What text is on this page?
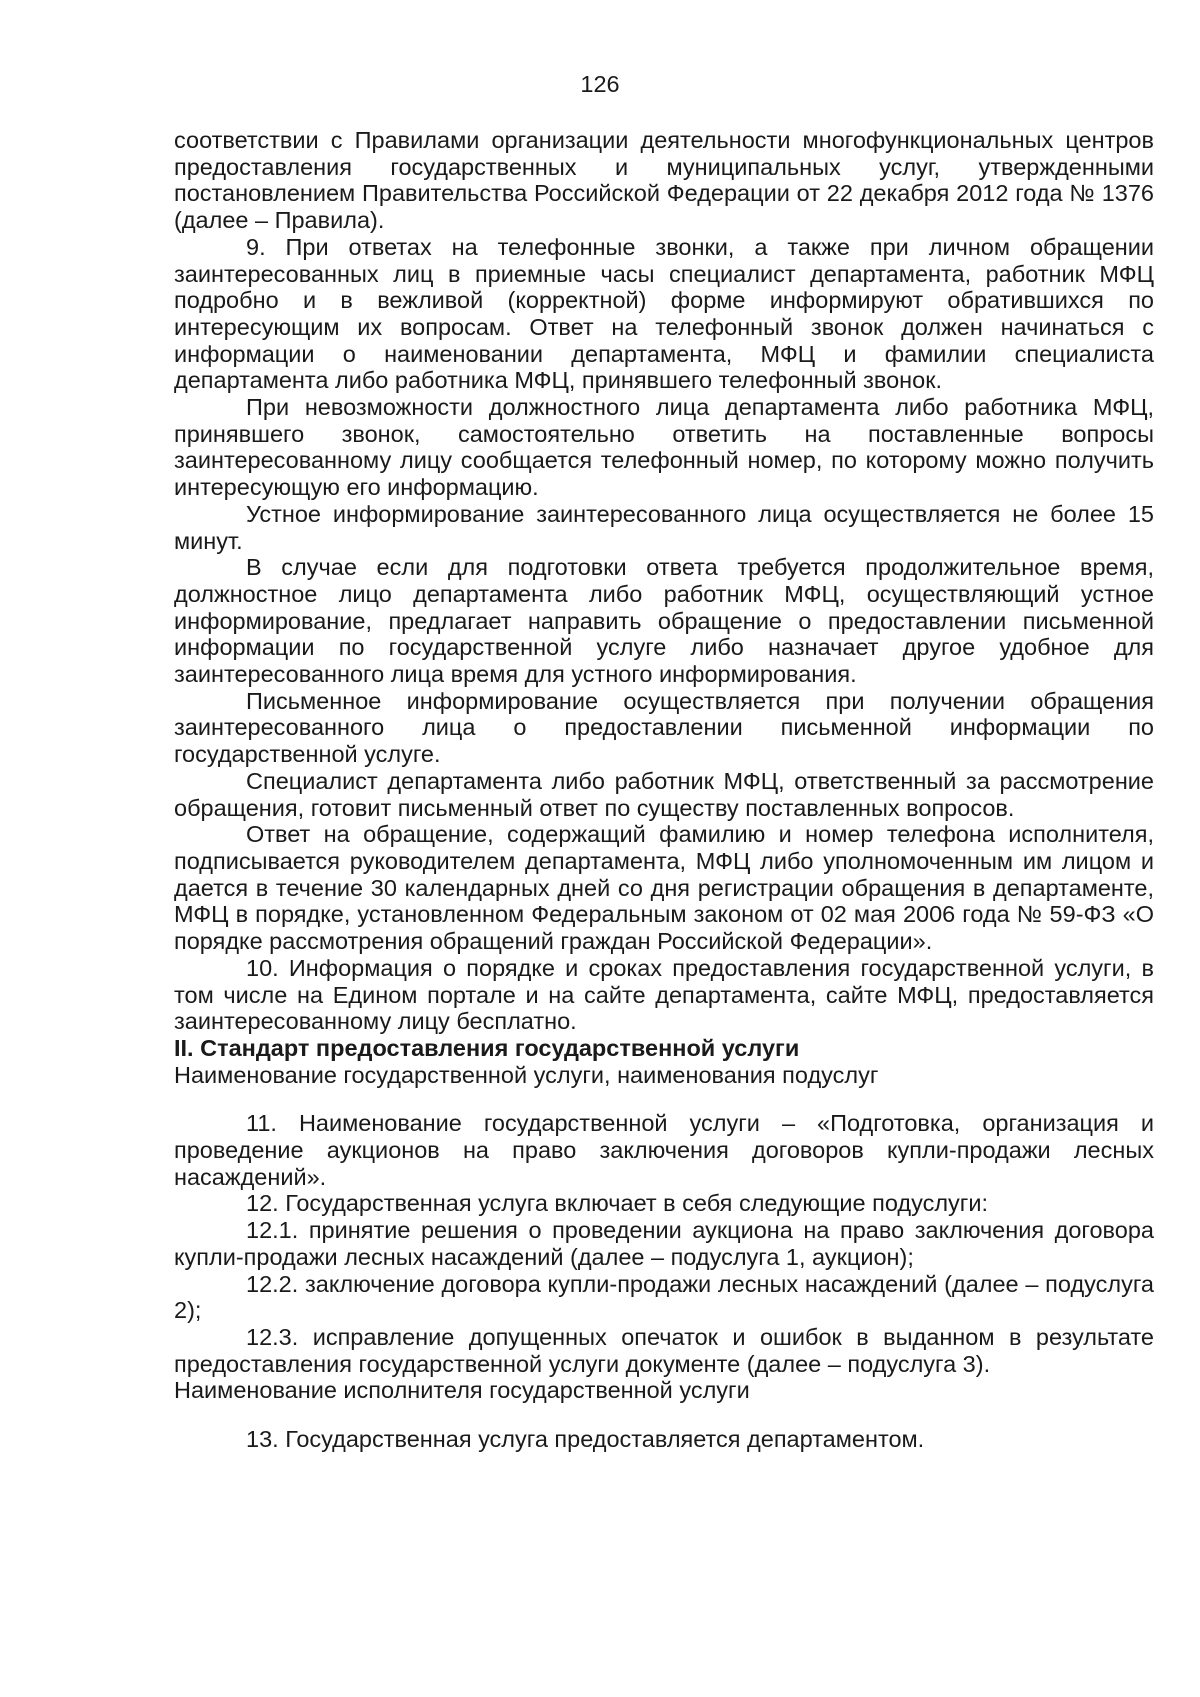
126

соответствии с Правилами организации деятельности многофункциональных центров предоставления государственных и муниципальных услуг, утвержденными постановлением Правительства Российской Федерации от 22 декабря 2012 года № 1376 (далее – Правила).

9. При ответах на телефонные звонки, а также при личном обращении заинтересованных лиц в приемные часы специалист департамента, работник МФЦ подробно и в вежливой (корректной) форме информируют обратившихся по интересующим их вопросам. Ответ на телефонный звонок должен начинаться с информации о наименовании департамента, МФЦ и фамилии специалиста департамента либо работника МФЦ, принявшего телефонный звонок.

При невозможности должностного лица департамента либо работника МФЦ, принявшего звонок, самостоятельно ответить на поставленные вопросы заинтересованному лицу сообщается телефонный номер, по которому можно получить интересующую его информацию.

Устное информирование заинтересованного лица осуществляется не более 15 минут.

В случае если для подготовки ответа требуется продолжительное время, должностное лицо департамента либо работник МФЦ, осуществляющий устное информирование, предлагает направить обращение о предоставлении письменной информации по государственной услуге либо назначает другое удобное для заинтересованного лица время для устного информирования.

Письменное информирование осуществляется при получении обращения заинтересованного лица о предоставлении письменной информации по государственной услуге.

Специалист департамента либо работник МФЦ, ответственный за рассмотрение обращения, готовит письменный ответ по существу поставленных вопросов.

Ответ на обращение, содержащий фамилию и номер телефона исполнителя, подписывается руководителем департамента, МФЦ либо уполномоченным им лицом и дается в течение 30 календарных дней со дня регистрации обращения в департаменте, МФЦ в порядке, установленном Федеральным законом от 02 мая 2006 года № 59-ФЗ «О порядке рассмотрения обращений граждан Российской Федерации».

10. Информация о порядке и сроках предоставления государственной услуги, в том числе на Едином портале и на сайте департамента, сайте МФЦ, предоставляется заинтересованному лицу бесплатно.

II. Стандарт предоставления государственной услуги

Наименование государственной услуги, наименования подуслуг

11. Наименование государственной услуги – «Подготовка, организация и проведение аукционов на право заключения договоров купли-продажи лесных насаждений».

12. Государственная услуга включает в себя следующие подуслуги:

12.1. принятие решения о проведении аукциона на право заключения договора купли-продажи лесных насаждений (далее – подуслуга 1, аукцион);

12.2. заключение договора купли-продажи лесных насаждений (далее – подуслуга 2);

12.3. исправление допущенных опечаток и ошибок в выданном в результате предоставления государственной услуги документе (далее – подуслуга 3).

Наименование исполнителя государственной услуги

13. Государственная услуга предоставляется департаментом.
